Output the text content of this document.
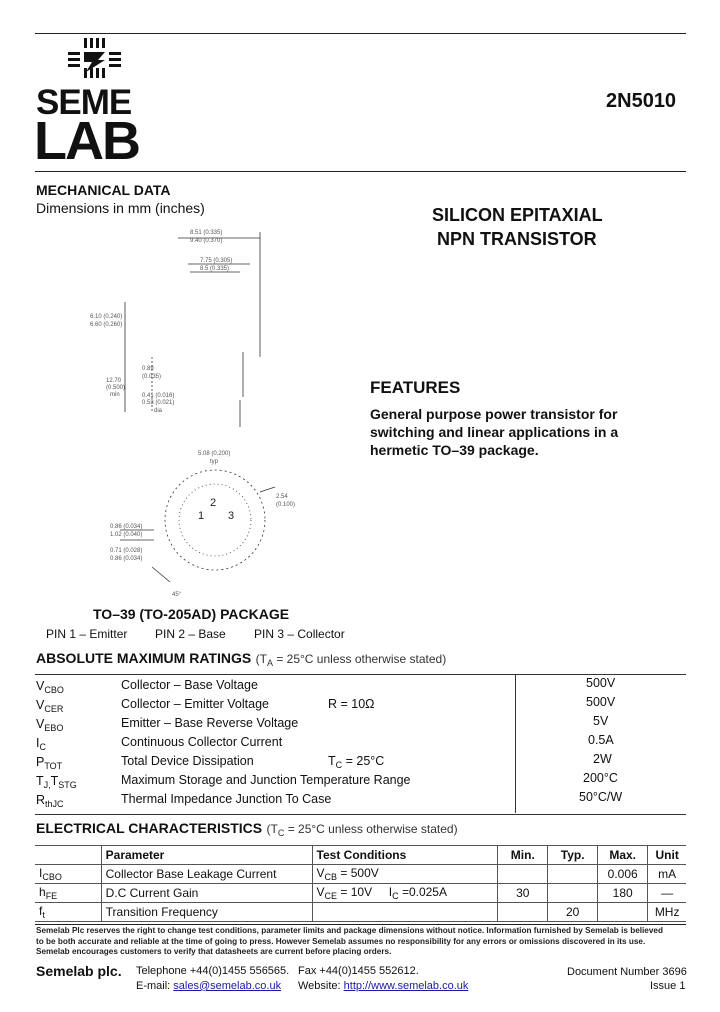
SEME
LAB
2N5010
MECHANICAL DATA
Dimensions in mm (inches)	SILICON EPITAXIAL
NPN TRANSISTOR
8.51 (0.335)
9.40 (0.370)
7.75 (0.305)
8.5 (0.335)
6.10 (0.240)
6.60 (0.260)
0.89
(0.035)
12.70
(0.500)
min	0.41 (0.016)
0.53 (0.021)
dia
5.08 (0.200)
typ
2.54
(0.100)
0.86 (0.034)
1.02 (0.040)
0.71 (0.028)
0.86 (0.034)
45°
1
2
3
TO–39 (TO-205AD) PACKAGE
PIN 1 – Emitter PIN 2 – Base PIN 3 – Collector
FEATURES
General purpose power transistor for
switching and linear applications in a
hermetic TO–39 package.
ABSOLUTE MAXIMUM RATINGS ($T_A = 25^\circ C$ unless otherwise stated)
$V_{CBO}$	Collector – Base Voltage	500V
$V_{CER}$	Collector – Emitter Voltage	R = 10Ω	500V
$V_{EBO}$	Emitter – Base Reverse Voltage	5V
$I_C$	Continuous Collector Current	0.5A
$P_{TOT}$	Total Device Dissipation	$T_C = 25^\circ C$	2W
$T_{J,}T_{STG}$	Maximum Storage and Junction Temperature Range	200°C
$R_{thJC}$	Thermal Impedance Junction To Case	50°C/W
ELECTRICAL CHARACTERISTICS ($T_C = 25^\circ C$ unless otherwise stated)
	Parameter	Test Conditions	Min.	Typ.	Max.	Unit
$I_{CBO}$	Collector Base Leakage Current	$V_{CB} = 500V$			0.006	mA
$h_{FE}$	D.C Current Gain	$V_{CE} = 10V$ $I_C =0.025A$	30		180	—
$f_t$	Transition Frequency			20		MHz
Semelab Plc reserves the right to change test conditions, parameter limits and package dimensions without notice. Information furnished by Semelab is believed
to be both accurate and reliable at the time of going to press. However Semelab assumes no responsibility for any errors or omissions discovered in its use.
Semelab encourages customers to verify that datasheets are current before placing orders.
Semelab plc. Telephone +44(0)1455 556565. Fax +44(0)1455 552612.
E-mail: sales@semelab.co.uk Website: http://www.semelab.co.uk
Document Number 3696
Issue 1
